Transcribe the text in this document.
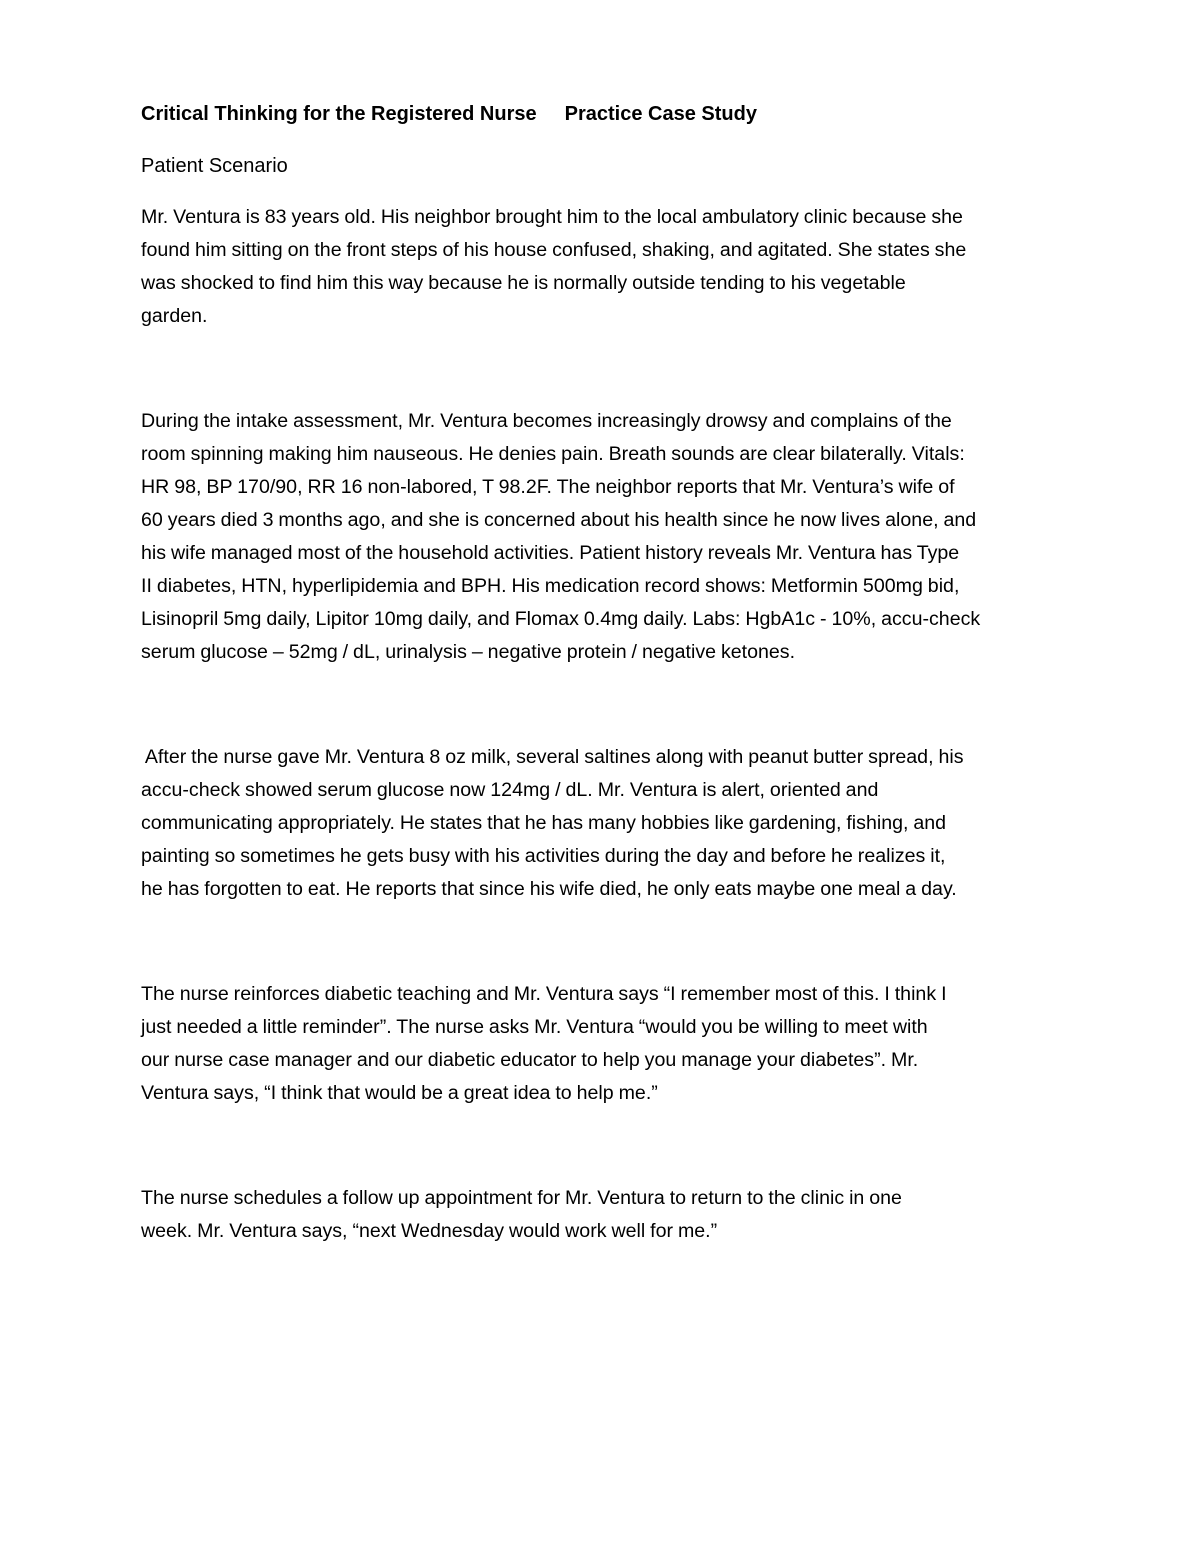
Critical Thinking for the Registered Nurse Practice Case Study
Patient Scenario

Mr. Ventura is 83 years old. His neighbor brought him to the local ambulatory clinic because she
found him sitting on the front steps of his house confused, shaking, and agitated. She states she
was shocked to find him this way because he is normally outside tending to his vegetable
garden.

During the intake assessment, Mr. Ventura becomes increasingly drowsy and complains of the
room spinning making him nauseous. He denies pain. Breath sounds are clear bilaterally. Vitals:
HR 98, BP 170/90, RR 16 non-labored, T 98.2F. The neighbor reports that Mr. Ventura’s wife of
60 years died 3 months ago, and she is concerned about his health since he now lives alone, and
his wife managed most of the household activities. Patient history reveals Mr. Ventura has Type
II diabetes, HTN, hyperlipidemia and BPH. His medication record shows: Metformin 500mg bid,
Lisinopril 5mg daily, Lipitor 10mg daily, and Flomax 0.4mg daily. Labs: HgbA1c - 10%, accu-check
serum glucose – 52mg / dL, urinalysis – negative protein / negative ketones.

After the nurse gave Mr. Ventura 8 oz milk, several saltines along with peanut butter spread, his
accu-check showed serum glucose now 124mg / dL. Mr. Ventura is alert, oriented and
communicating appropriately. He states that he has many hobbies like gardening, fishing, and
painting so sometimes he gets busy with his activities during the day and before he realizes it,
he has forgotten to eat. He reports that since his wife died, he only eats maybe one meal a day.

The nurse reinforces diabetic teaching and Mr. Ventura says “I remember most of this. I think I
just needed a little reminder”. The nurse asks Mr. Ventura “would you be willing to meet with
our nurse case manager and our diabetic educator to help you manage your diabetes”. Mr.
Ventura says, “I think that would be a great idea to help me.”

The nurse schedules a follow up appointment for Mr. Ventura to return to the clinic in one
week. Mr. Ventura says, “next Wednesday would work well for me.”
